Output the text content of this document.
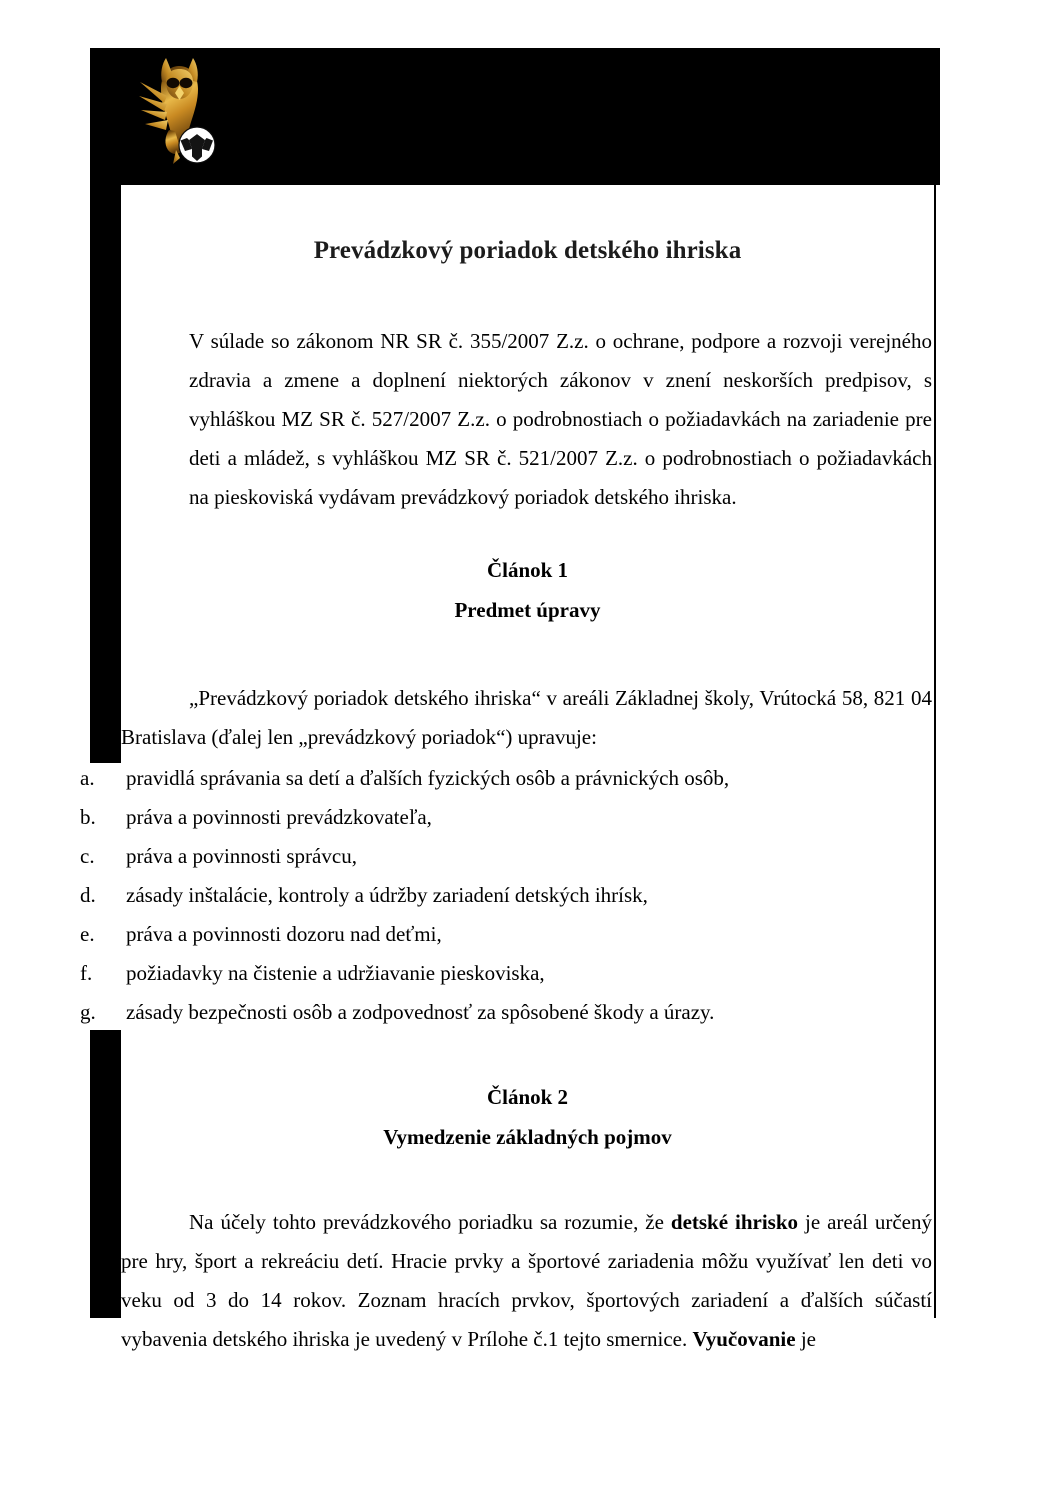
Prevádzkový poriadok detského ihriska

V súlade so zákonom NR SR č. 355/2007 Z.z. o ochrane, podpore a rozvoji verejného zdravia a zmene a doplnení niektorých zákonov v znení neskorších predpisov, s vyhláškou MZ SR č. 527/2007 Z.z. o podrobnostiach o požiadavkách na zariadenie pre deti a mládež, s vyhláškou MZ SR č. 521/2007 Z.z. o podrobnostiach o požiadavkách na pieskoviská vydávam prevádzkový poriadok detského ihriska.

Článok 1

Predmet úpravy

„Prevádzkový poriadok detského ihriska“ v areáli Základnej školy, Vrútocká 58, 821 04 Bratislava (ďalej len „prevádzkový poriadok“) upravuje:

a.	pravidlá správania sa detí a ďalších fyzických osôb a právnických osôb,
b.	práva a povinnosti prevádzkovateľa,
c.	práva a povinnosti správcu,
d.	zásady inštalácie, kontroly a údržby zariadení detských ihrísk,
e.	práva a povinnosti dozoru nad deťmi,
f.	požiadavky na čistenie a udržiavanie pieskoviska,
g.	zásady bezpečnosti osôb a zodpovednosť za spôsobené škody a úrazy.

Článok 2

Vymedzenie základných pojmov

Na účely tohto prevádzkového poriadku sa rozumie, že detské ihrisko je areál určený pre hry, šport a rekreáciu detí. Hracie prvky a športové zariadenia môžu využívať len deti vo veku od 3 do 14 rokov. Zoznam hracích prvkov, športových zariadení a ďalších súčastí vybavenia detského ihriska je uvedený v Prílohe č.1 tejto smernice. Vyučovanie je
